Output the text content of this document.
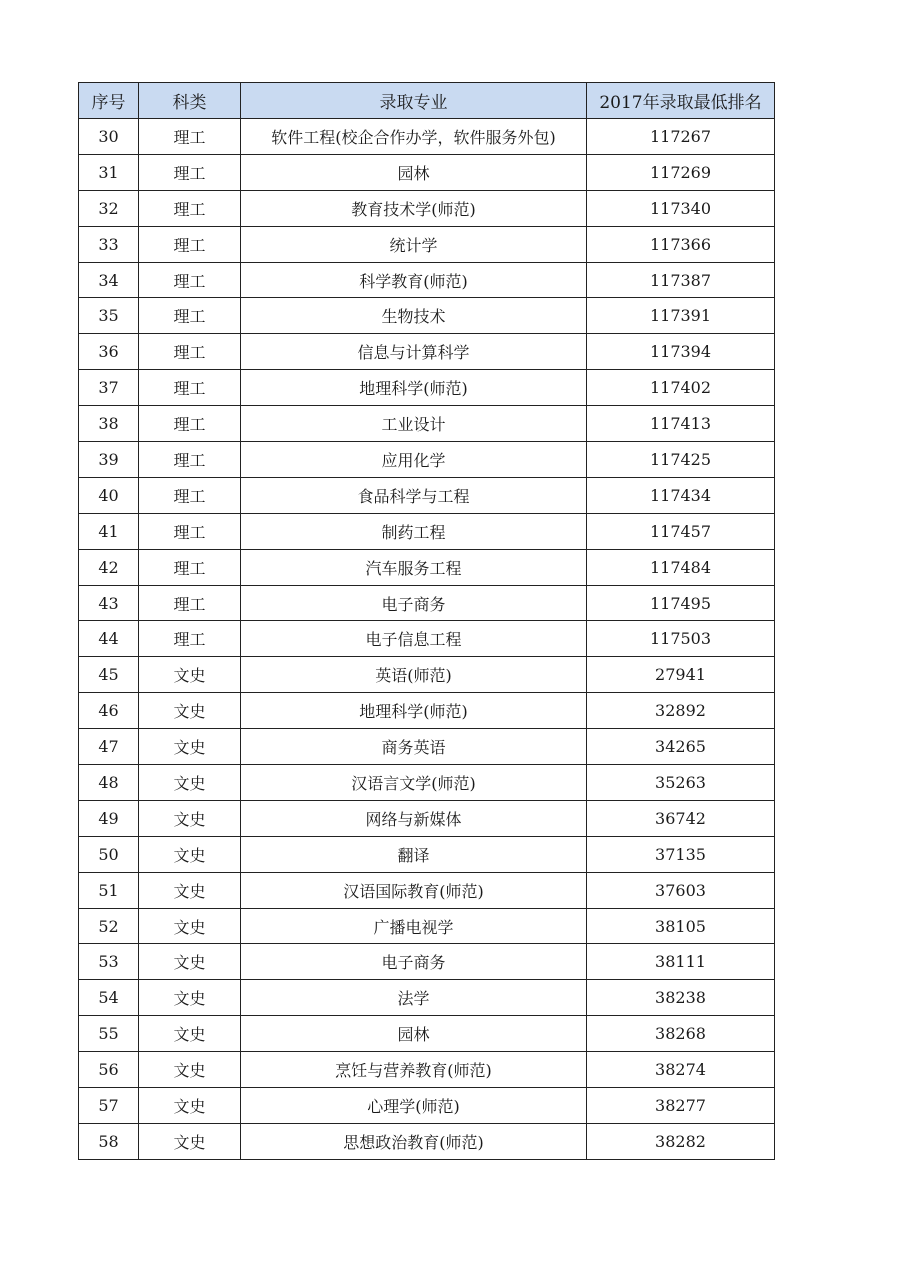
序号	科类	录取专业	2017年录取最低排名
30	理工	软件工程(校企合作办学，软件服务外包)	117267
31	理工	园林	117269
32	理工	教育技术学(师范)	117340
33	理工	统计学	117366
34	理工	科学教育(师范)	117387
35	理工	生物技术	117391
36	理工	信息与计算科学	117394
37	理工	地理科学(师范)	117402
38	理工	工业设计	117413
39	理工	应用化学	117425
40	理工	食品科学与工程	117434
41	理工	制药工程	117457
42	理工	汽车服务工程	117484
43	理工	电子商务	117495
44	理工	电子信息工程	117503
45	文史	英语(师范)	27941
46	文史	地理科学(师范)	32892
47	文史	商务英语	34265
48	文史	汉语言文学(师范)	35263
49	文史	网络与新媒体	36742
50	文史	翻译	37135
51	文史	汉语国际教育(师范)	37603
52	文史	广播电视学	38105
53	文史	电子商务	38111
54	文史	法学	38238
55	文史	园林	38268
56	文史	烹饪与营养教育(师范)	38274
57	文史	心理学(师范)	38277
58	文史	思想政治教育(师范)	38282
